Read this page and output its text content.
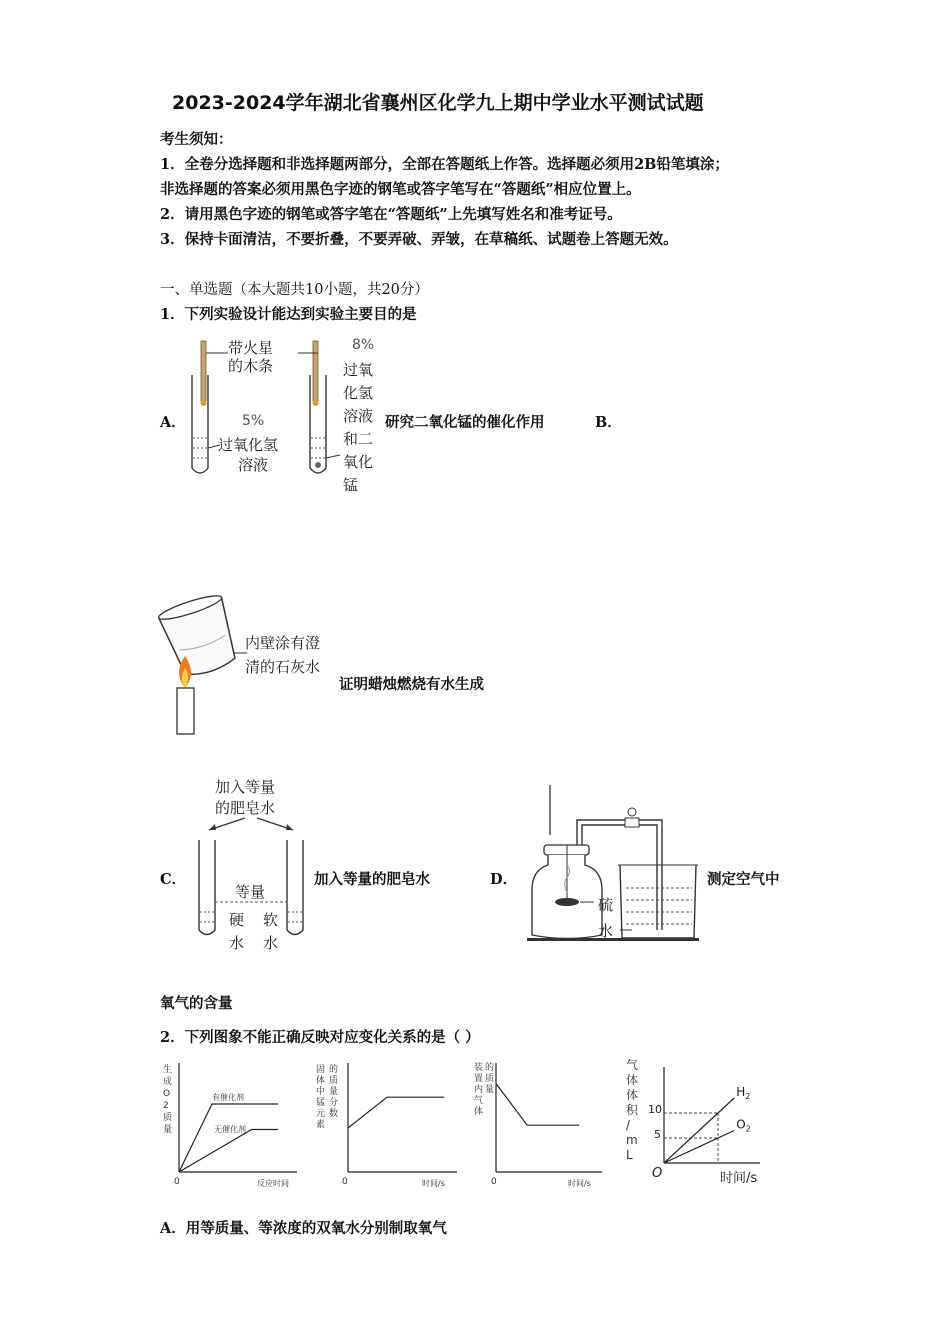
2023-2024学年湖北省襄州区化学九上期中学业水平测试试题
考生须知：
1．全卷分选择题和非选择题两部分，全部在答题纸上作答。选择题必须用2B铅笔填涂；
非选择题的答案必须用黑色字迹的钢笔或答字笔写在“答题纸”相应位置上。
2．请用黑色字迹的钢笔或答字笔在“答题纸”上先填写姓名和准考证号。
3．保持卡面清洁，不要折叠，不要弄破、弄皱，在草稿纸、试题卷上答题无效。
一、单选题（本大题共10小题，共20分）
1．下列实验设计能达到实验主要目的是
A．
带火星
的木条
5%
过氧化氢
溶液
8%
过氧
化氢
溶液
和二
氧化
锰
研究二氧化锰的催化作用	B．
内壁涂有澄
清的石灰水
证明蜡烛燃烧有水生成
C．
加入等量
的肥皂水
等量
硬
水
软
水
加入等量的肥皂水	D．
硫
水
测定空气中
氧气的含量
2．下列图象不能正确反映对应变化关系的是（ ）
生
成
O
2
质
量
0	反应时间
有催化剂
无催化剂
固
体
中
锰
元
素
的
质
量
分
数
0	时间/s
装
置
内
气
体
的
质
量
0	时间/s
气
体
体
积
/
m
L
O	时间/s
5
10
$H_2$
$O_2$
A．用等质量、等浓度的双氧水分别制取氧气
